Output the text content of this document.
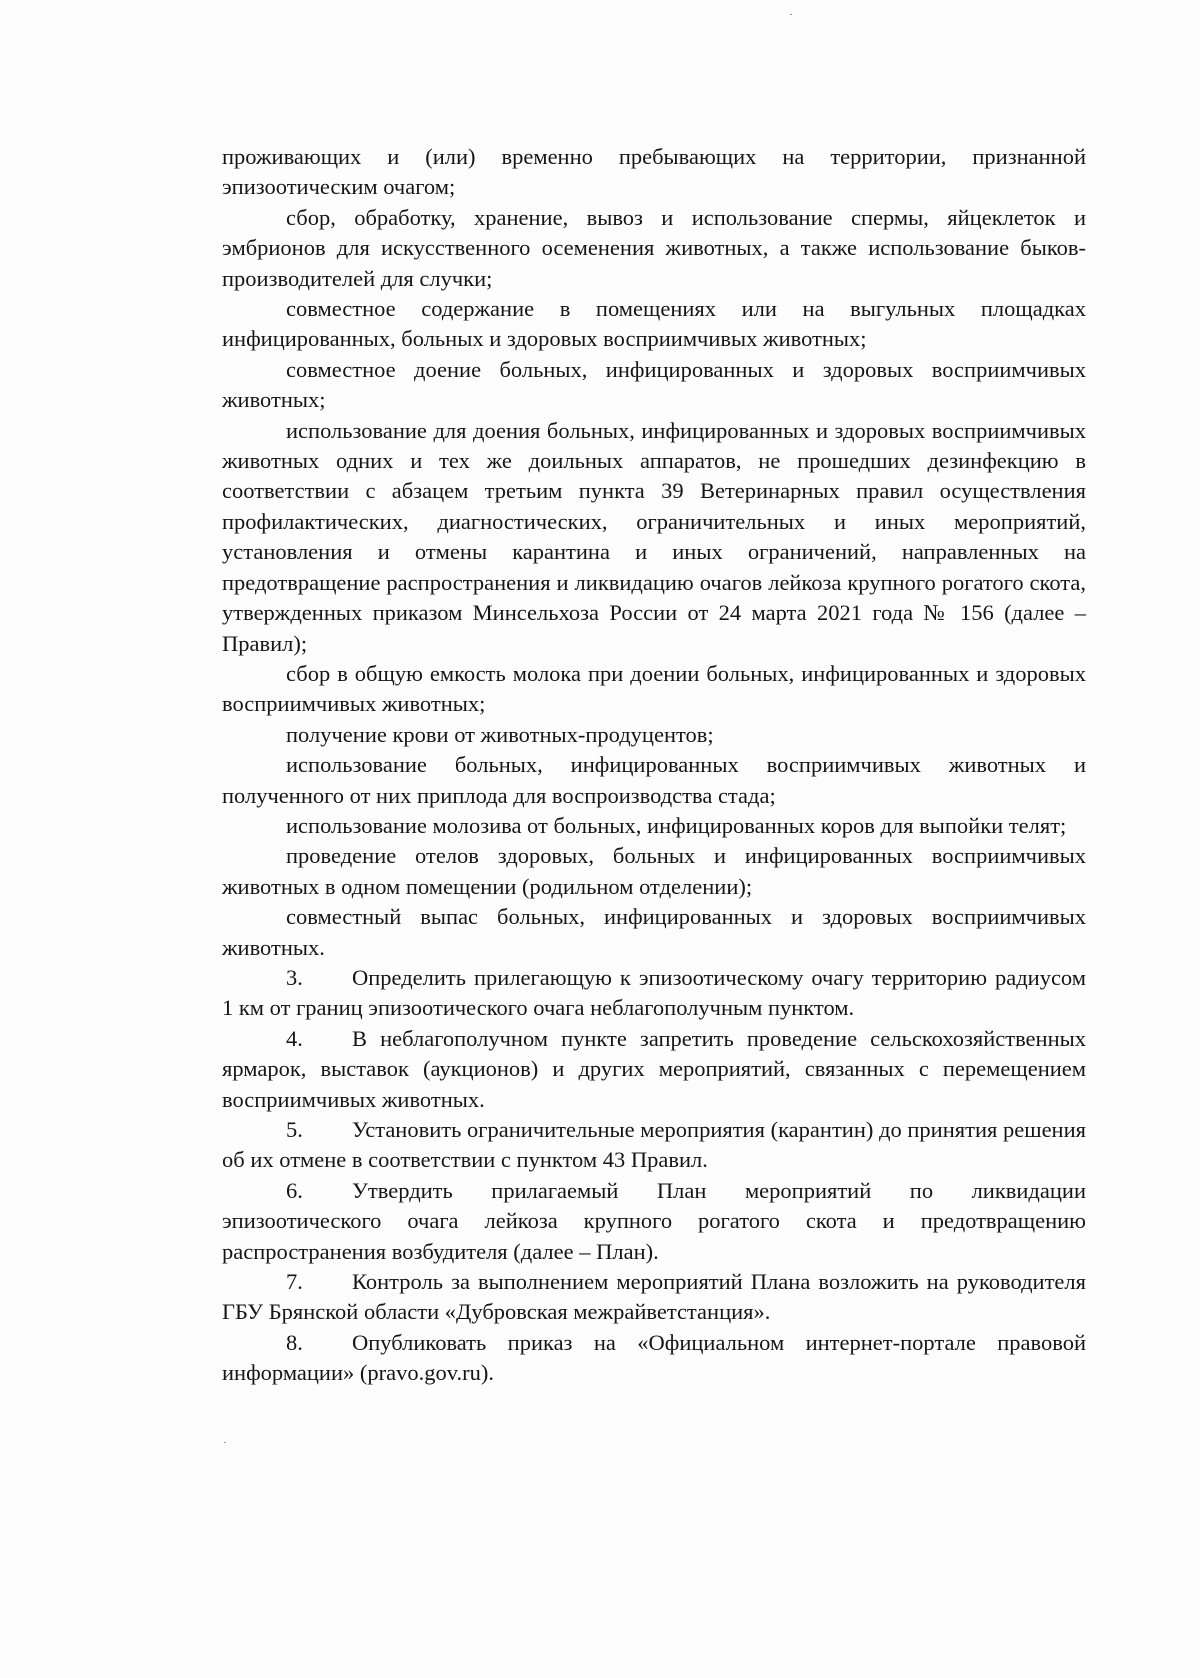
проживающих и (или) временно пребывающих на территории, признанной эпизоотическим очагом;

сбор, обработку, хранение, вывоз и использование спермы, яйцеклеток и эмбрионов для искусственного осеменения животных, а также использование быков-производителей для случки;

совместное содержание в помещениях или на выгульных площадках инфицированных, больных и здоровых восприимчивых животных;

совместное доение больных, инфицированных и здоровых восприимчивых животных;

использование для доения больных, инфицированных и здоровых восприимчивых животных одних и тех же доильных аппаратов, не прошедших дезинфекцию в соответствии с абзацем третьим пункта 39 Ветеринарных правил осуществления профилактических, диагностических, ограничительных и иных мероприятий, установления и отмены карантина и иных ограничений, направленных на предотвращение распространения и ликвидацию очагов лейкоза крупного рогатого скота, утвержденных приказом Минсельхоза России от 24 марта 2021 года № 156 (далее – Правил);

сбор в общую емкость молока при доении больных, инфицированных и здоровых восприимчивых животных;

получение крови от животных-продуцентов;

использование больных, инфицированных восприимчивых животных и полученного от них приплода для воспроизводства стада;

использование молозива от больных, инфицированных коров для выпойки телят;

проведение отелов здоровых, больных и инфицированных восприимчивых животных в одном помещении (родильном отделении);

совместный выпас больных, инфицированных и здоровых восприимчивых животных.

3. Определить прилегающую к эпизоотическому очагу территорию радиусом 1 км от границ эпизоотического очага неблагополучным пунктом.

4. В неблагополучном пункте запретить проведение сельскохозяйственных ярмарок, выставок (аукционов) и других мероприятий, связанных с перемещением восприимчивых животных.

5. Установить ограничительные мероприятия (карантин) до принятия решения об их отмене в соответствии с пунктом 43 Правил.

6. Утвердить прилагаемый План мероприятий по ликвидации эпизоотического очага лейкоза крупного рогатого скота и предотвращению распространения возбудителя (далее – План).

7. Контроль за выполнением мероприятий Плана возложить на руководителя ГБУ Брянской области «Дубровская межрайветстанция».

8. Опубликовать приказ на «Официальном интернет-портале правовой информации» (pravo.gov.ru).
